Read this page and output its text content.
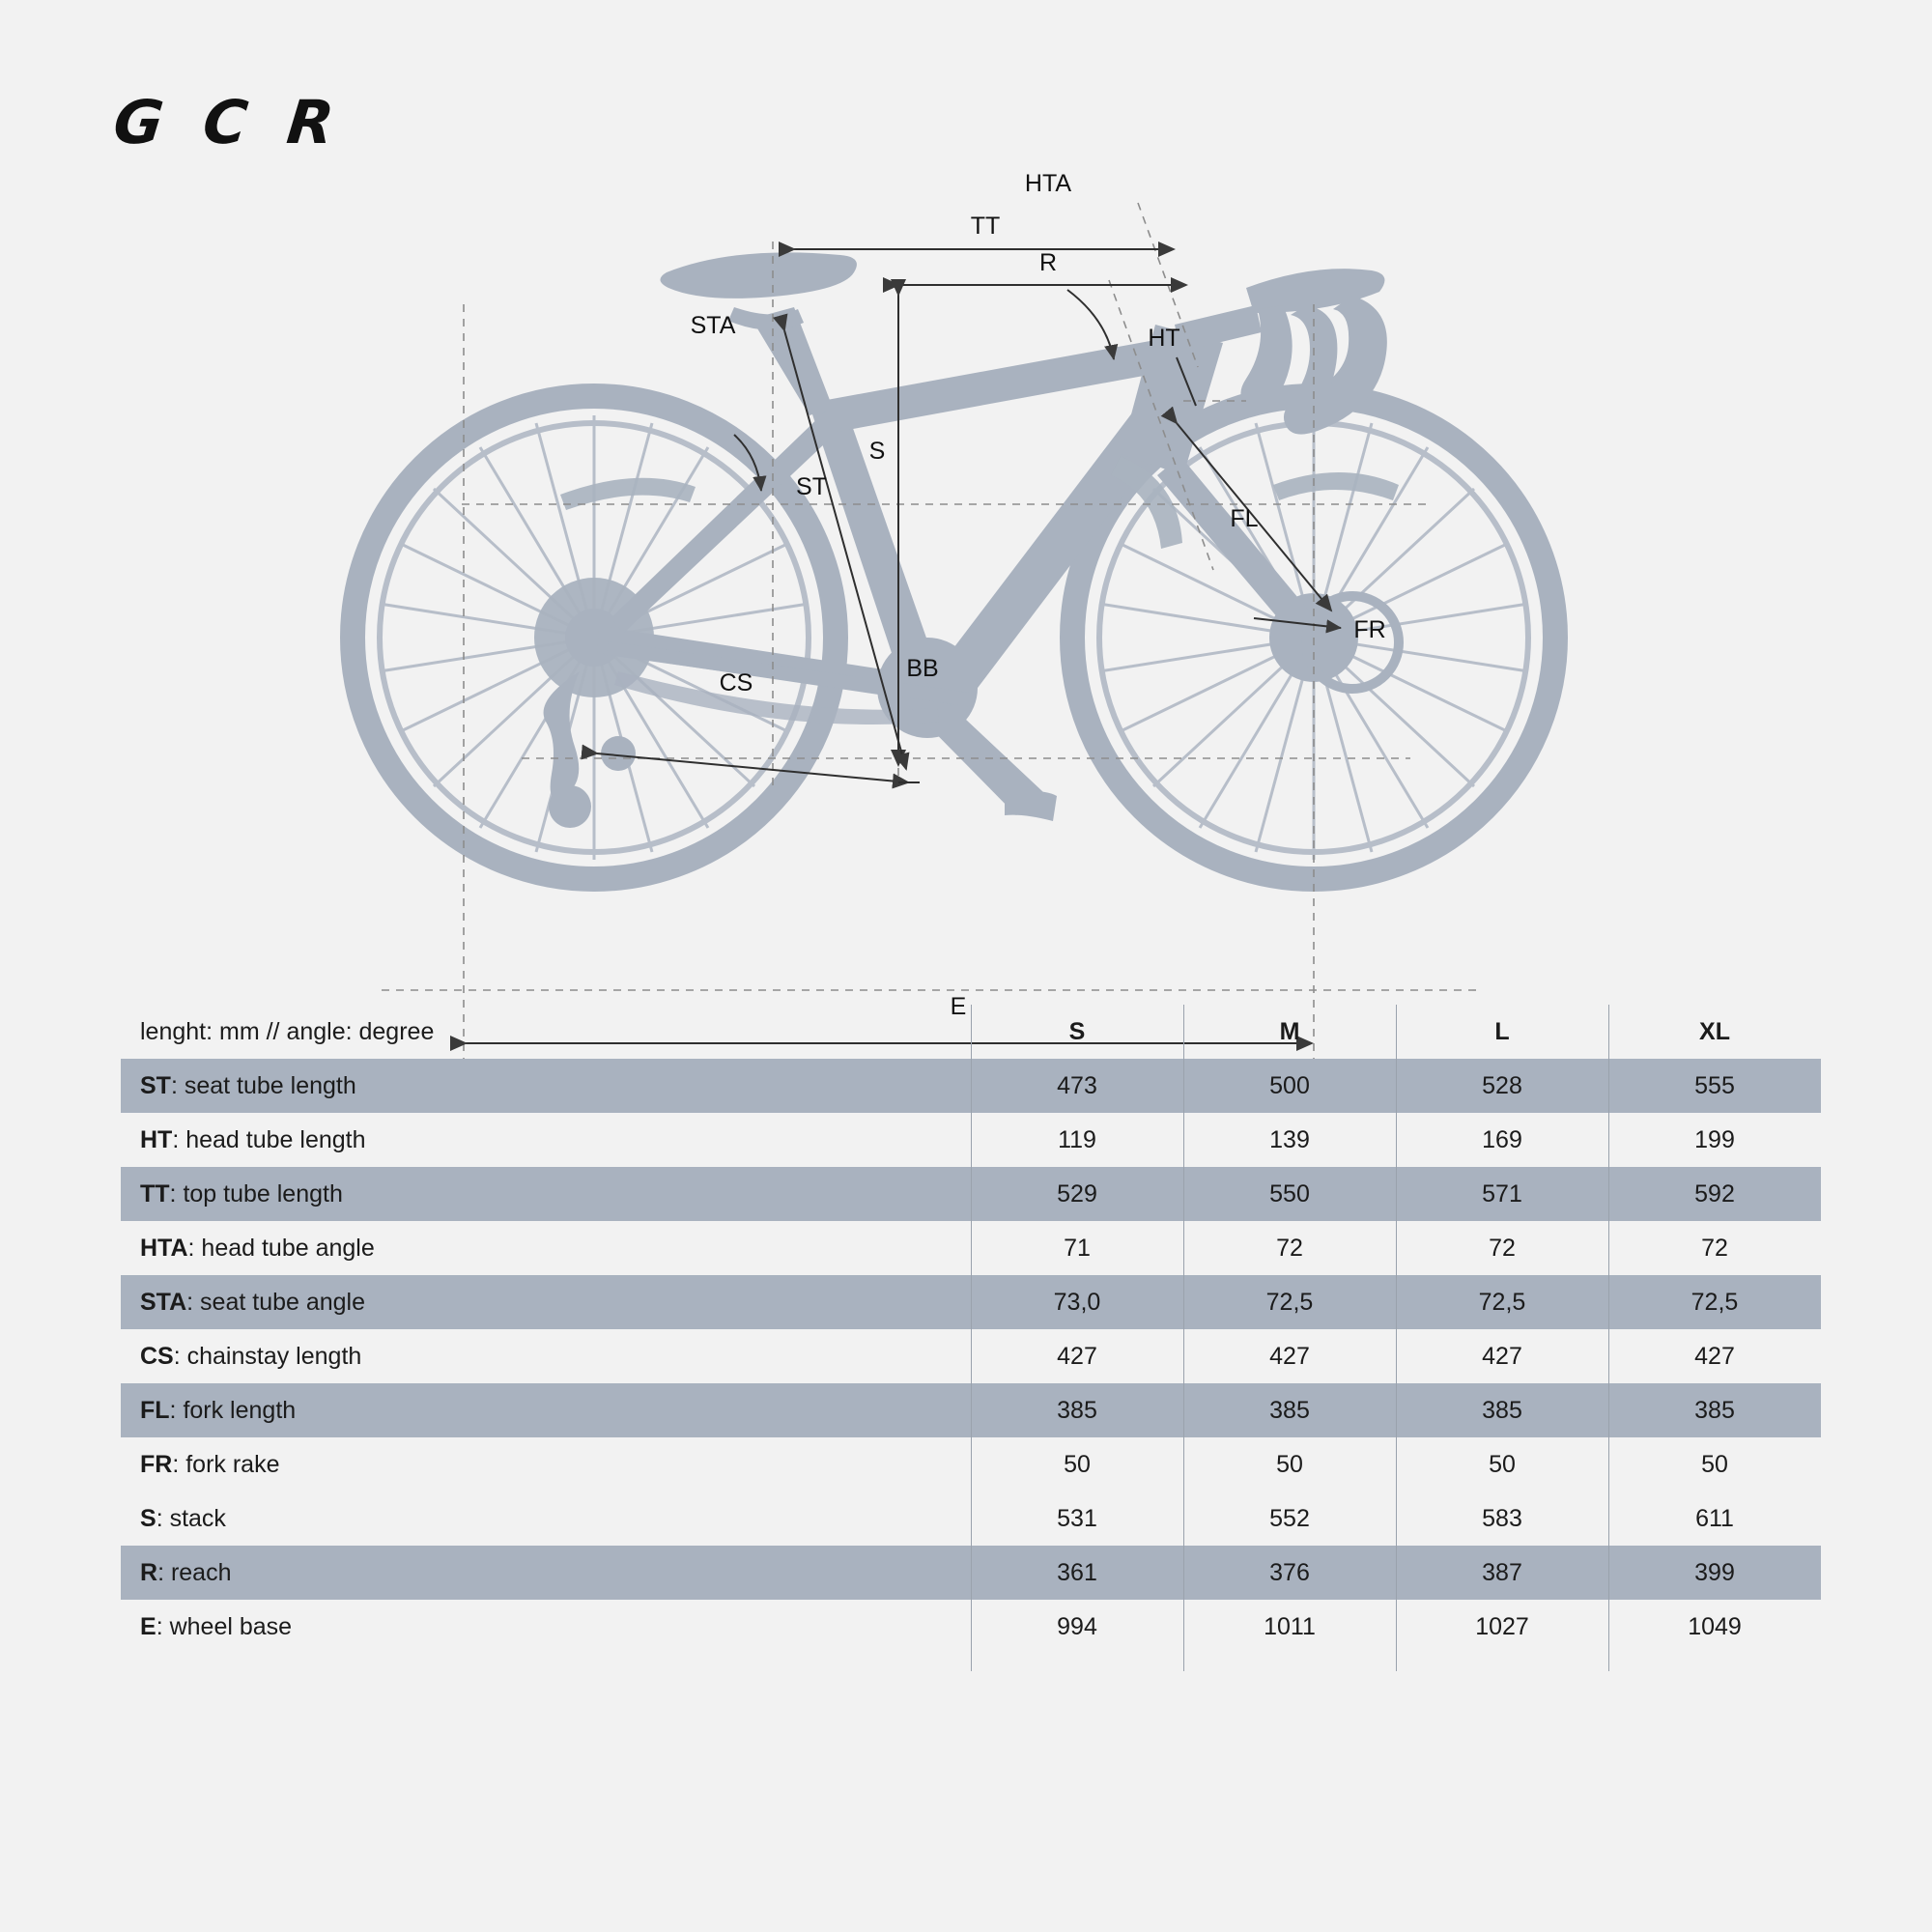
G C R
HTA
TT
R
STA	HT
S
ST
FL
BB
FR
CS
E
lenght: mm // angle: degree	S	M	L	XL
ST: seat tube length	473	500	528	555
HT: head tube length	119	139	169	199
TT: top tube length	529	550	571	592
HTA: head tube angle	71	72	72	72
STA: seat tube angle	73,0	72,5	72,5	72,5
CS: chainstay length	427	427	427	427
FL: fork length	385	385	385	385
FR: fork rake	50	50	50	50
S: stack	531	552	583	611
R: reach	361	376	387	399
E: wheel base	994	1011	1027	1049
